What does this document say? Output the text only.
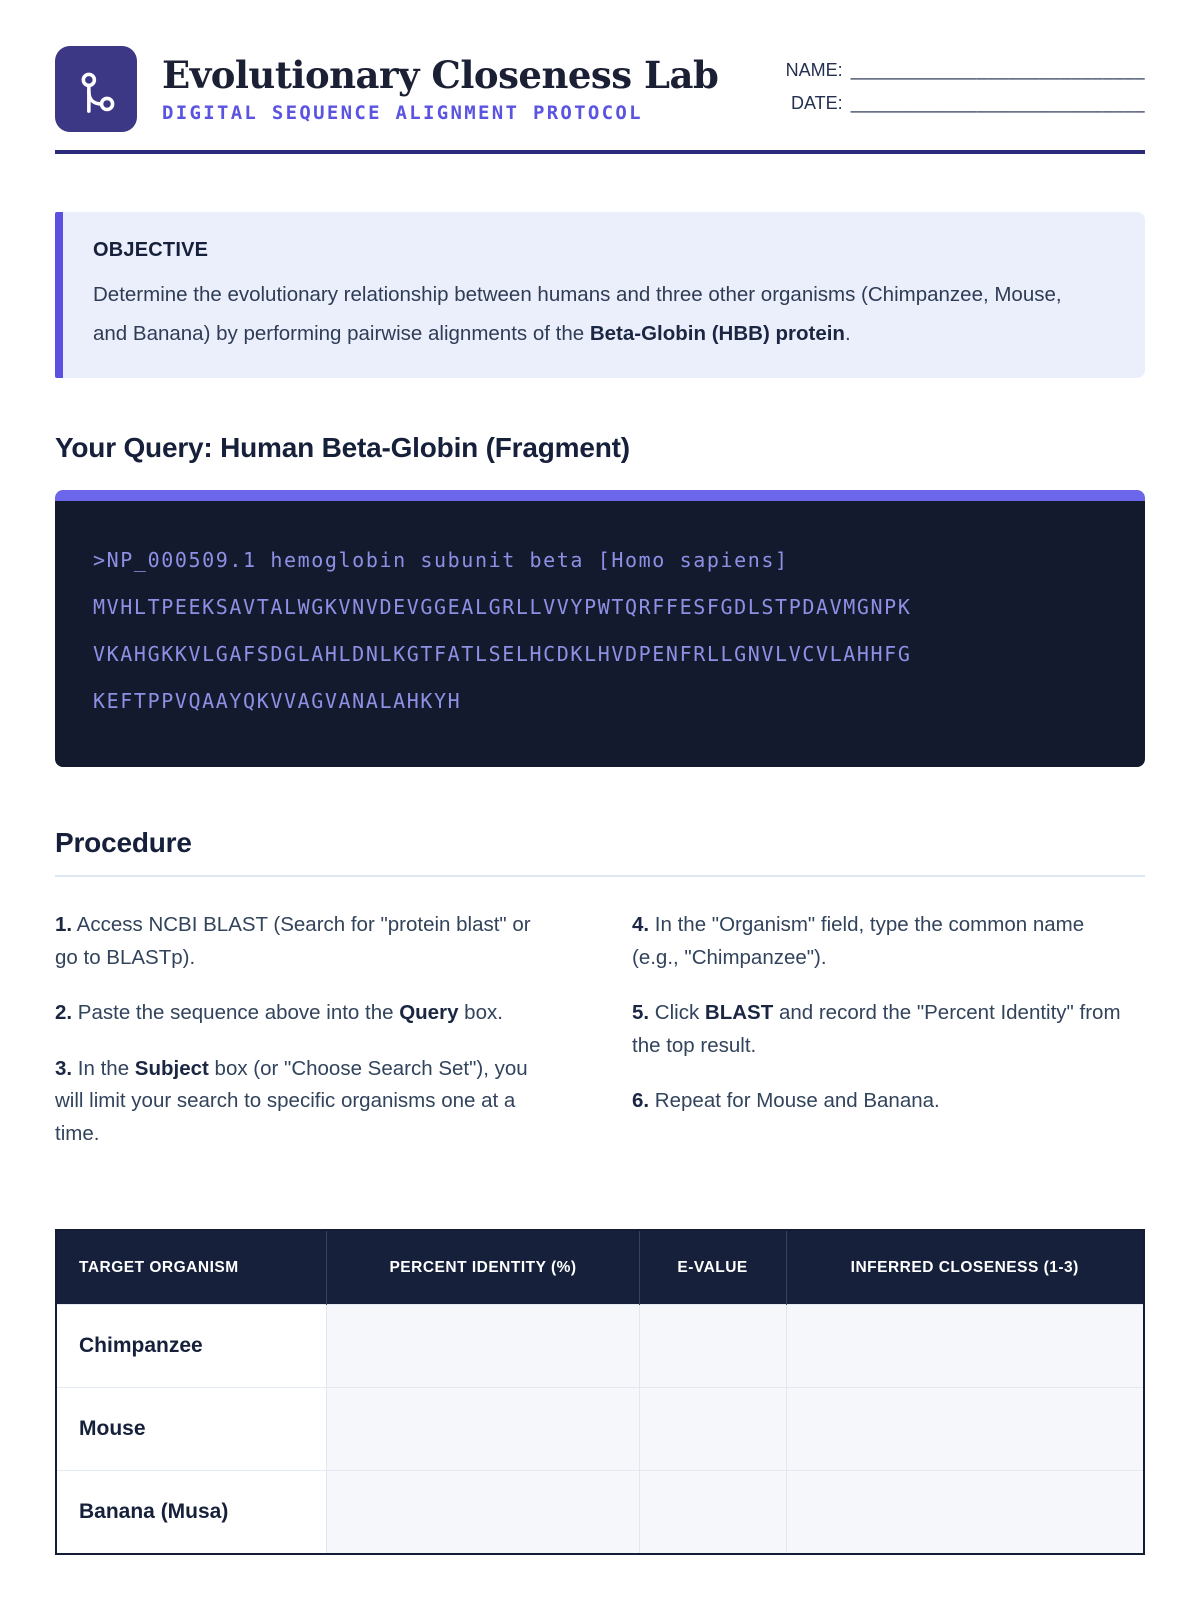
Evolutionary Closeness Lab
DIGITAL SEQUENCE ALIGNMENT PROTOCOL
NAME: ____________________________
DATE: ____________________________
OBJECTIVE

Determine the evolutionary relationship between humans and three other organisms (Chimpanzee, Mouse, and Banana) by performing pairwise alignments of the Beta-Globin (HBB) protein.

Your Query: Human Beta-Globin (Fragment)
>NP_000509.1 hemoglobin subunit beta [Homo sapiens]
MVHLTPEEKSAVTALWGKVNVDEVGGEALGRLLVVYPWTQRFFESFGDLSTPDAVMGNPK
VKAHGKKVLGAFSDGLAHLDNLKGTFATLSELHCDKLHVDPENFRLLGNVLVCVLAHHFG
KEFTPPVQAAYQKVVAGVANALAHKYH
Procedure

1. Access NCBI BLAST (Search for "protein blast" or go to BLASTp).

2. Paste the sequence above into the Query box.

3. In the Subject box (or "Choose Search Set"), you will limit your search to specific organisms one at a time.

4. In the "Organism" field, type the common name (e.g., "Chimpanzee").

5. Click BLAST and record the "Percent Identity" from the top result.

6. Repeat for Mouse and Banana.

TARGET ORGANISM	PERCENT IDENTITY (%)	E-VALUE	INFERRED CLOSENESS (1-3)
Chimpanzee			
Mouse			
Banana (Musa)			
